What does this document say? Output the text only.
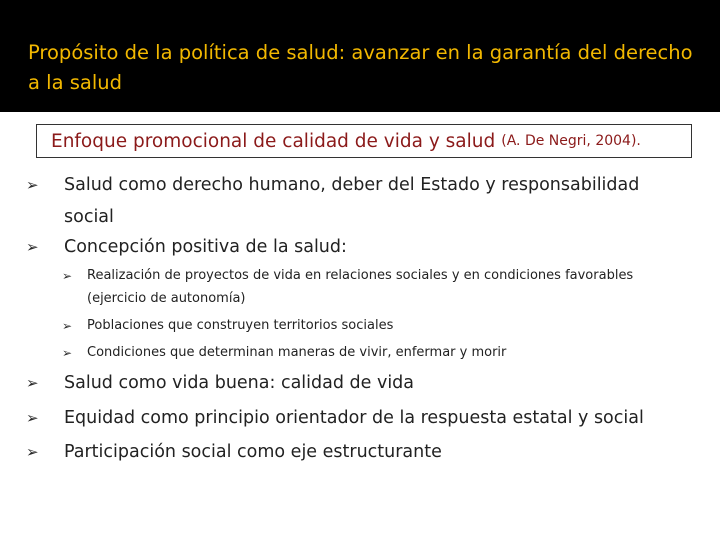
Propósito de la política de salud: avanzar en la garantía del derecho a la salud
Enfoque promocional de calidad de vida y salud (A. De Negri, 2004).
➢ Salud como derecho humano, deber del Estado y responsabilidad
social
➢ Concepción positiva de la salud:
➢ Realización de proyectos de vida en relaciones sociales y en condiciones favorables
(ejercicio de autonomía)
➢ Poblaciones que construyen territorios sociales
➢ Condiciones que determinan maneras de vivir, enfermar y morir
➢ Salud como vida buena: calidad de vida
➢ Equidad como principio orientador de la respuesta estatal y social
➢ Participación social como eje estructurante
